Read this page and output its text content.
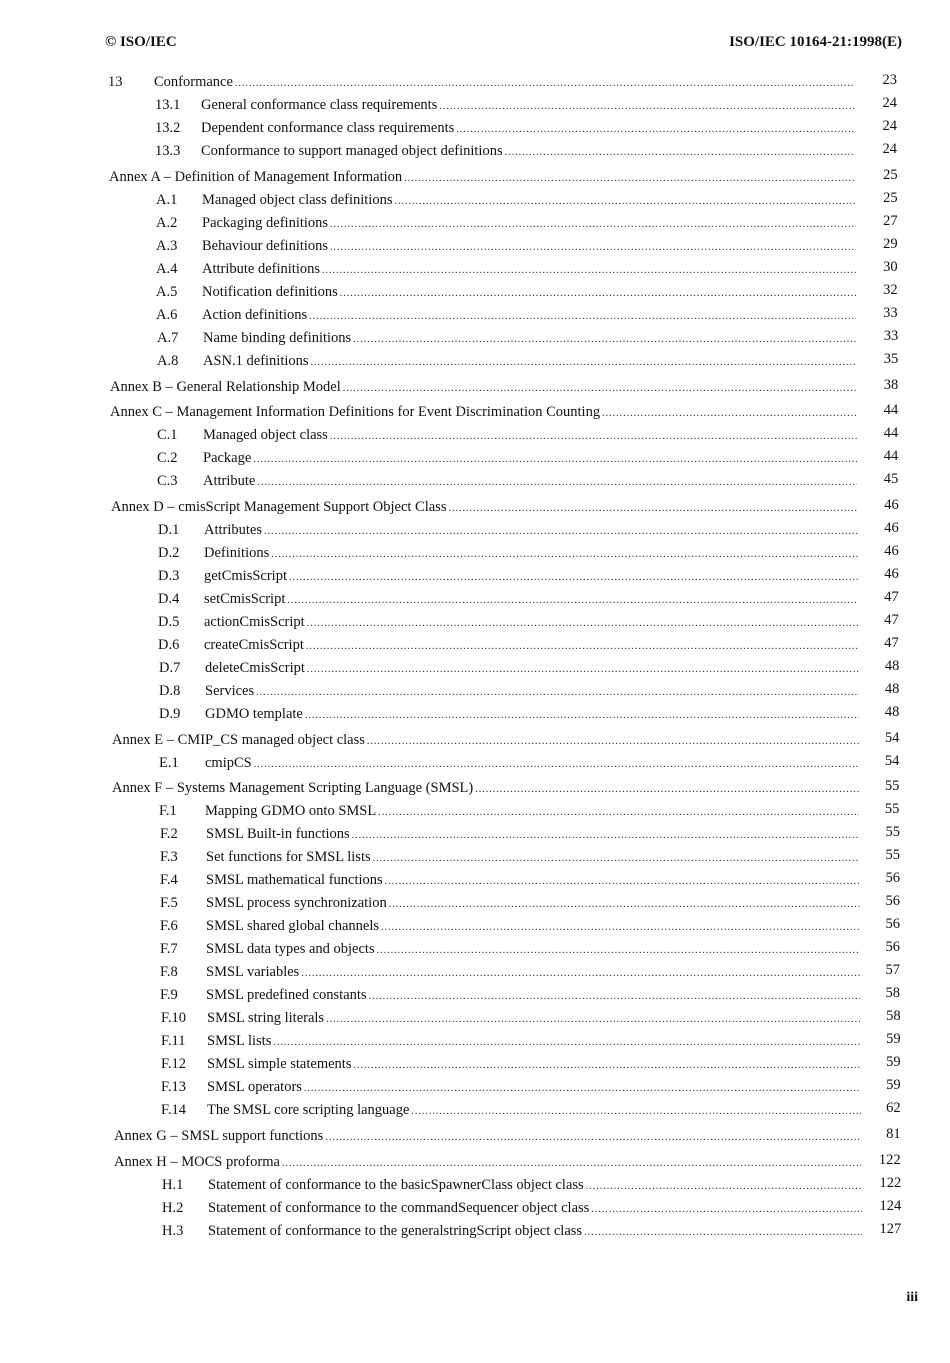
© ISO/IEC	ISO/IEC 10164-21:1998(E)
13	Conformance .....	23
13.1	General conformance class requirements .....	24
13.2	Dependent conformance class requirements .....	24
13.3	Conformance to support managed object definitions .....	24
Annex A – Definition of Management Information .....	25
A.1	Managed object class definitions .....	25
A.2	Packaging definitions .....	27
A.3	Behaviour definitions .....	29
A.4	Attribute definitions .....	30
A.5	Notification definitions .....	32
A.6	Action definitions .....	33
A.7	Name binding definitions .....	33
A.8	ASN.1 definitions .....	35
Annex B – General Relationship Model .....	38
Annex C – Management Information Definitions for Event Discrimination Counting .....	44
C.1	Managed object class .....	44
C.2	Package .....	44
C.3	Attribute .....	45
Annex D – cmisScript Management Support Object Class .....	46
D.1	Attributes .....	46
D.2	Definitions .....	46
D.3	getCmisScript .....	46
D.4	setCmisScript .....	47
D.5	actionCmisScript .....	47
D.6	createCmisScript .....	47
D.7	deleteCmisScript .....	48
D.8	Services .....	48
D.9	GDMO template .....	48
Annex E – CMIP_CS managed object class .....	54
E.1	cmipCS .....	54
Annex F – Systems Management Scripting Language (SMSL) .....	55
F.1	Mapping GDMO onto SMSL .....	55
F.2	SMSL Built-in functions .....	55
F.3	Set functions for SMSL lists .....	55
F.4	SMSL mathematical functions .....	56
F.5	SMSL process synchronization .....	56
F.6	SMSL shared global channels .....	56
F.7	SMSL data types and objects .....	56
F.8	SMSL variables .....	57
F.9	SMSL predefined constants .....	58
F.10	SMSL string literals .....	58
F.11	SMSL lists .....	59
F.12	SMSL simple statements .....	59
F.13	SMSL operators .....	59
F.14	The SMSL core scripting language .....	62
Annex G – SMSL support functions .....	81
Annex H – MOCS proforma .....	122
H.1	Statement of conformance to the basicSpawnerClass object class .....	122
H.2	Statement of conformance to the commandSequencer object class .....	124
H.3	Statement of conformance to the generalstringScript object class .....	127
iii
